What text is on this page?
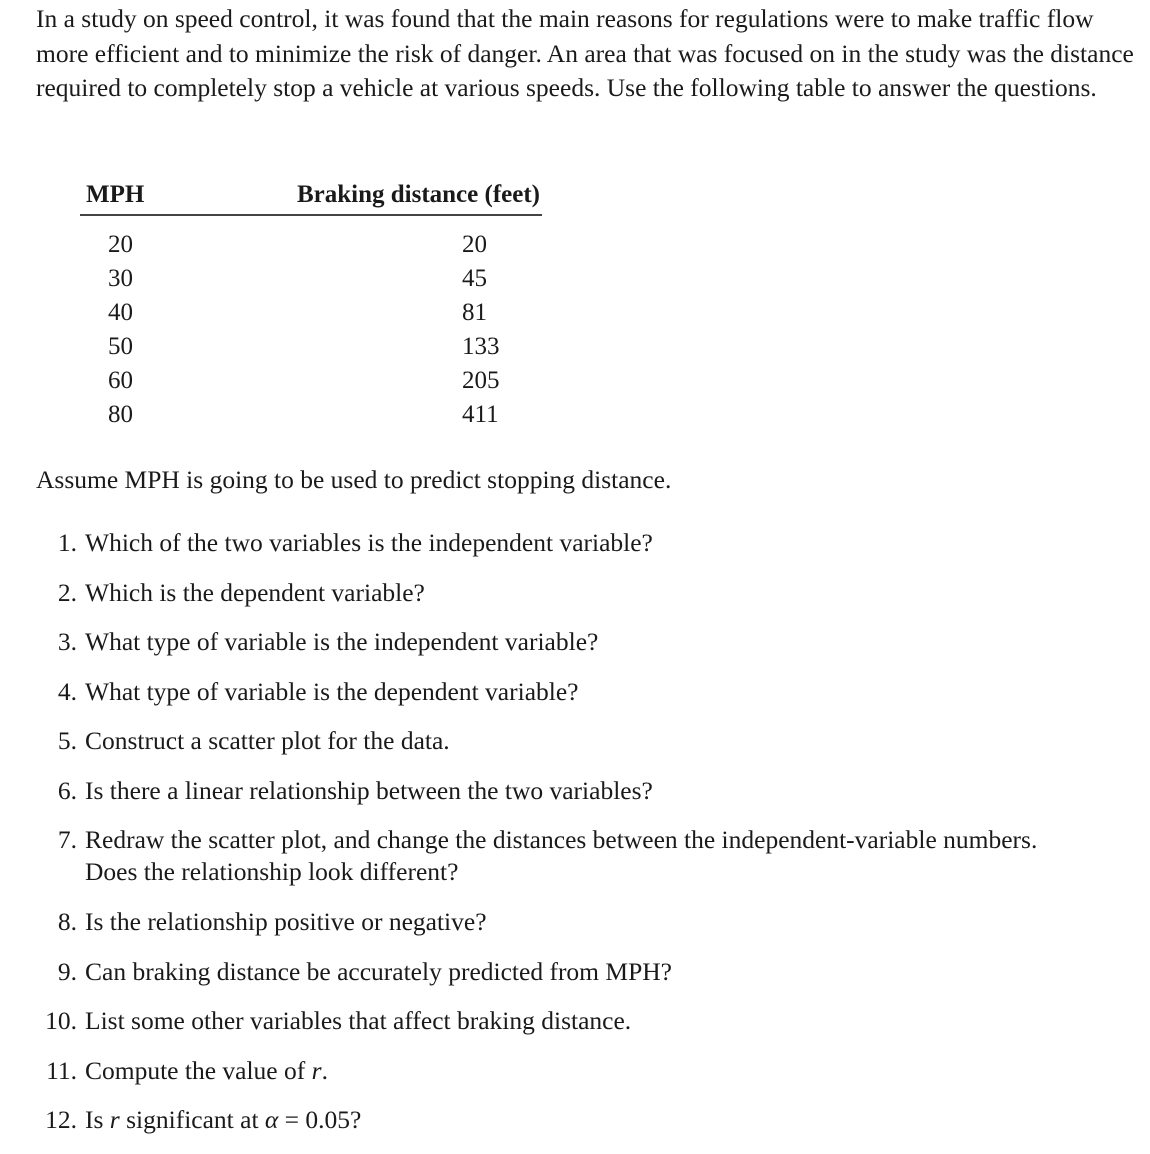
In a study on speed control, it was found that the main reasons for regulations were to make traffic flow more efficient and to minimize the risk of danger. An area that was focused on in the study was the distance required to completely stop a vehicle at various speeds. Use the following table to answer the questions.

MPH	Braking distance (feet)
20	20
30	45
40	81
50	133
60	205
80	411

Assume MPH is going to be used to predict stopping distance.

1. Which of the two variables is the independent variable?
2. Which is the dependent variable?
3. What type of variable is the independent variable?
4. What type of variable is the dependent variable?
5. Construct a scatter plot for the data.
6. Is there a linear relationship between the two variables?
7. Redraw the scatter plot, and change the distances between the independent-variable numbers. Does the relationship look different?
8. Is the relationship positive or negative?
9. Can braking distance be accurately predicted from MPH?
10. List some other variables that affect braking distance.
11. Compute the value of r.
12. Is r significant at α = 0.05?
